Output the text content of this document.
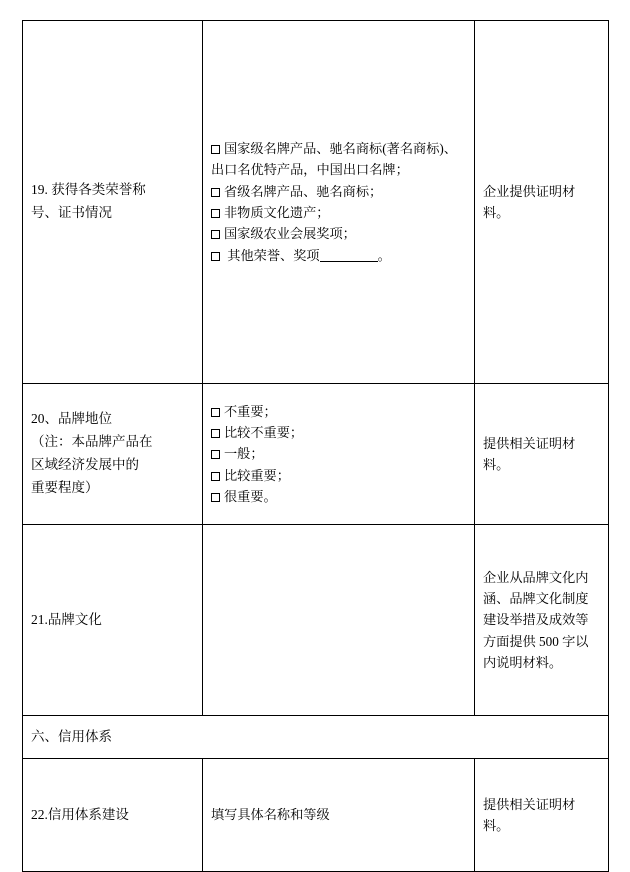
19. 获得各类荣誉称
号、证书情况	国家级名牌产品、驰名商标(著名商标)、出口名优特产品，中国出口名牌；
省级名牌产品、驰名商标；
非物质文化遗产；
国家级农业会展奖项；
其他荣誉、奖项 。	企业提供证明材料。

20、品牌地位
（注：本品牌产品在
区域经济发展中的
重要程度）	不重要；
比较不重要；
一般；
比较重要；
很重要。	提供相关证明材料。

21.品牌文化		企业从品牌文化内涵、品牌文化制度建设举措及成效等方面提供 500 字以内说明材料。

六、信用体系		

22.信用体系建设	填写具体名称和等级	提供相关证明材料。
